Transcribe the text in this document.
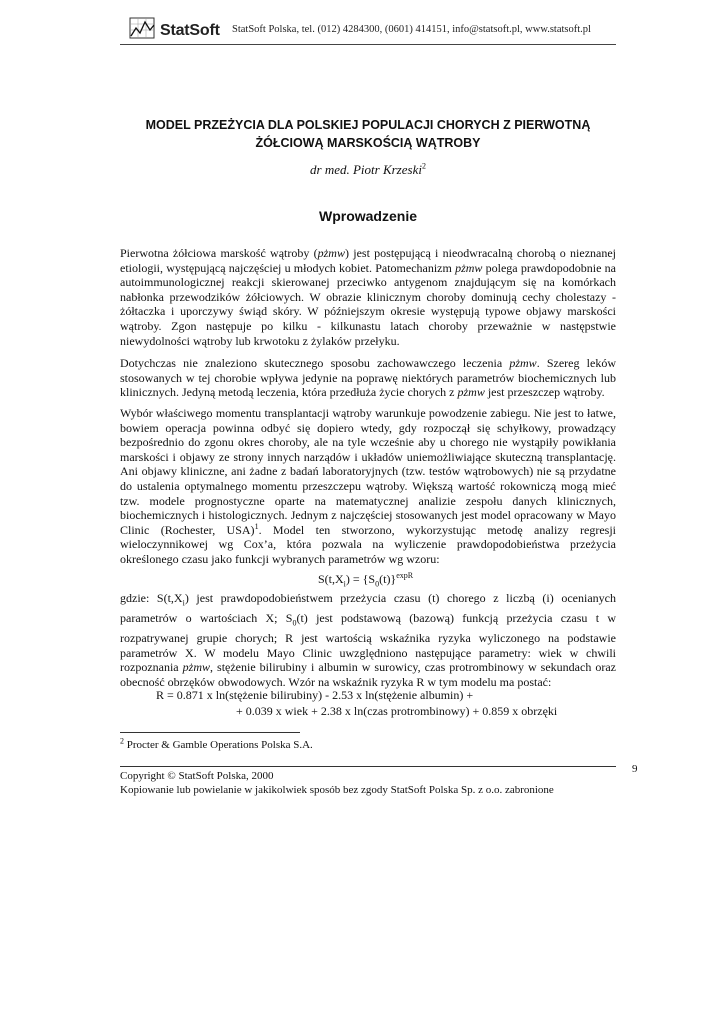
StatSoft StatSoft Polska, tel. (012) 4284300, (0601) 414151, info@statsoft.pl, www.statsoft.pl
MODEL PRZEŻYCIA DLA POLSKIEJ POPULACJI CHORYCH Z PIERWOTNĄ
ŻÓŁCIOWĄ MARSKOŚCIĄ WĄTROBY
dr med. Piotr Krzeski$^2$
Wprowadzenie

Pierwotna żółciowa marskość wątroby (pżmw) jest postępującą i nieodwracalną chorobą o nieznanej etiologii, występującą najczęściej u młodych kobiet. Patomechanizm pżmw polega prawdopodobnie na autoimmunologicznej reakcji skierowanej przeciwko antygenom znajdującym się na komórkach nabłonka przewodzików żółciowych. W obrazie klinicznym choroby dominują cechy cholestazy - żółtaczka i uporczywy świąd skóry. W późniejszym okresie występują typowe objawy marskości wątroby. Zgon następuje po kilku - kilkunastu latach choroby przeważnie w następstwie niewydolności wątroby lub krwotoku z żylaków przełyku.

Dotychczas nie znaleziono skutecznego sposobu zachowawczego leczenia pżmw. Szereg leków stosowanych w tej chorobie wpływa jedynie na poprawę niektórych parametrów biochemicznych lub klinicznych. Jedyną metodą leczenia, która przedłuża życie chorych z pżmw jest przeszczep wątroby.

Wybór właściwego momentu transplantacji wątroby warunkuje powodzenie zabiegu. Nie jest to łatwe, bowiem operacja powinna odbyć się dopiero wtedy, gdy rozpoczął się schyłkowy, prowadzący bezpośrednio do zgonu okres choroby, ale na tyle wcześnie aby u chorego nie wystąpiły powikłania marskości i objawy ze strony innych narządów i układów uniemożliwiające skuteczną transplantację. Ani objawy kliniczne, ani żadne z badań laboratoryjnych (tzw. testów wątrobowych) nie są przydatne do ustalenia optymalnego momentu przeszczepu wątroby. Większą wartość rokowniczą mogą mieć tzw. modele prognostyczne oparte na matematycznej analizie zespołu danych klinicznych, biochemicznych i histologicznych. Jednym z najczęściej stosowanych jest model opracowany w Mayo Clinic (Rochester, USA)$^1$. Model ten stworzono, wykorzystując metodę analizy regresji wieloczynnikowej wg Cox’a, która pozwala na wyliczenie prawdopodobieństwa przeżycia określonego czasu jako funkcji wybranych parametrów wg wzoru:

$S(t,X_i) = \{S_0(t)\}^{expR}$

gdzie: $S(t,X_i)$ jest prawdopodobieństwem przeżycia czasu (t) chorego z liczbą (i) ocenianych parametrów o wartościach X; $S_0(t)$ jest podstawową (bazową) funkcją przeżycia czasu t w rozpatrywanej grupie chorych; R jest wartością wskaźnika ryzyka wyliczonego na podstawie parametrów X. W modelu Mayo Clinic uwzględniono następujące parametry: wiek w chwili rozpoznania pżmw, stężenie bilirubiny i albumin w surowicy, czas protrombinowy w sekundach oraz obecność obrzęków obwodowych. Wzór na wskaźnik ryzyka R w tym modelu ma postać:

R = 0.871 x ln(stężenie bilirubiny) - 2.53 x ln(stężenie albumin) +
+ 0.039 x wiek + 2.38 x ln(czas protrombinowy) + 0.859 x obrzęki
$^2$ Procter & Gamble Operations Polska S.A.
Copyright © StatSoft Polska, 2000
Kopiowanie lub powielanie w jakikolwiek sposób bez zgody StatSoft Polska Sp. z o.o. zabronione
9
